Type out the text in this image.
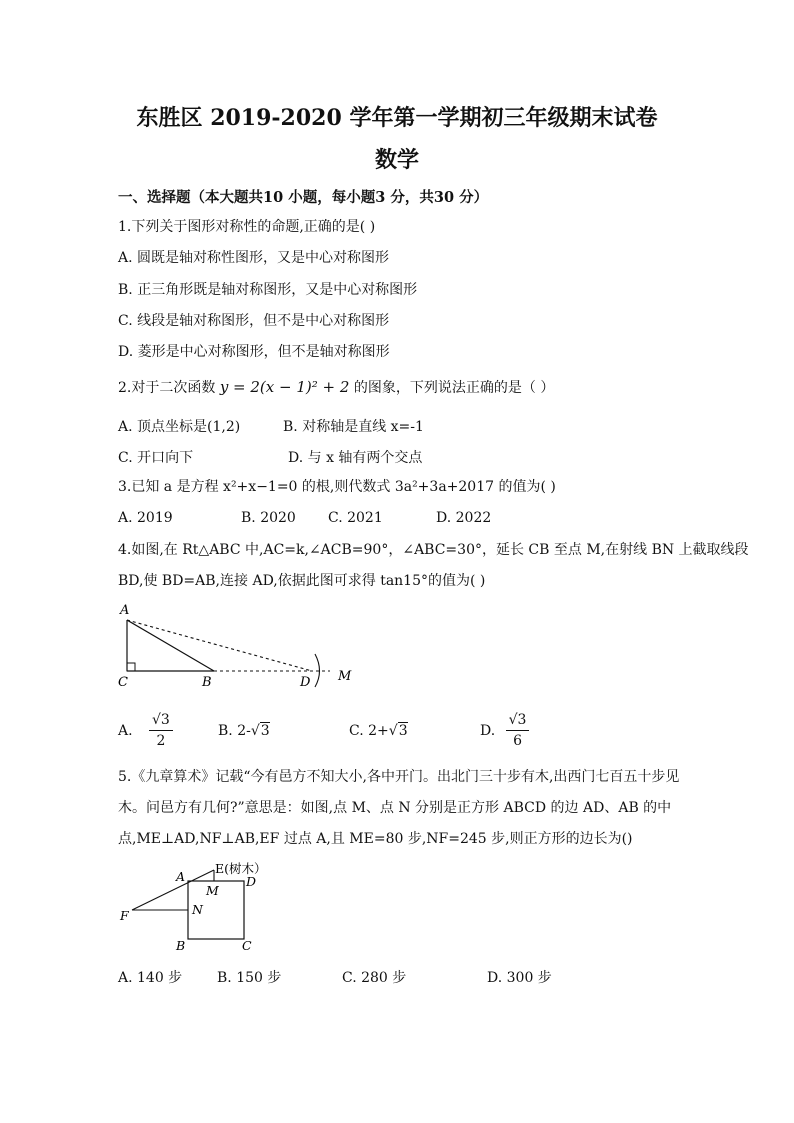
东胜区 2019-2020 学年第一学期初三年级期末试卷
数学
一、选择题（本大题共10 小题，每小题3 分，共30 分）
1.下列关于图形对称性的命题,正确的是( )
A. 圆既是轴对称性图形，又是中心对称图形
B. 正三角形既是轴对称图形，又是中心对称图形
C. 线段是轴对称图形，但不是中心对称图形
D. 菱形是中心对称图形，但不是轴对称图形
2.对于二次函数 y = 2(x − 1)² + 2 的图象，下列说法正确的是（ ）
A. 顶点坐标是(1,2)	B. 对称轴是直线 x=-1
C. 开口向下	D. 与 x 轴有两个交点
3.已知 a 是方程 x²+x−1=0 的根,则代数式 3a²+3a+2017 的值为( )
A. 2019	B. 2020 C. 2021	D. 2022
4.如图,在 Rt△ABC 中,AC=k,∠ACB=90°，∠ABC=30°，延长 CB 至点 M,在射线 BN 上截取线段
BD,使 BD=AB,连接 AD,依据此图可求得 tan15°的值为( )
A
C	B	D M
A. $\frac{√3}{2}$	B. 2-√3	C. 2+√3	D. $\frac{√3}{6}$
5.《九章算术》记载“今有邑方不知大小,各中开门。出北门三十步有木,出西门七百五十步见
木。问邑方有几何?”意思是：如图,点 M、点 N 分别是正方形 ABCD 的边 AD、AB 的中
点,ME⊥AD,NF⊥AB,EF 过点 A,且 ME=80 步,NF=245 步,则正方形的边长为()
A
E(树木）
M
D
N
F
B	C
A. 140 步 B. 150 步	C. 280 步	D. 300 步
